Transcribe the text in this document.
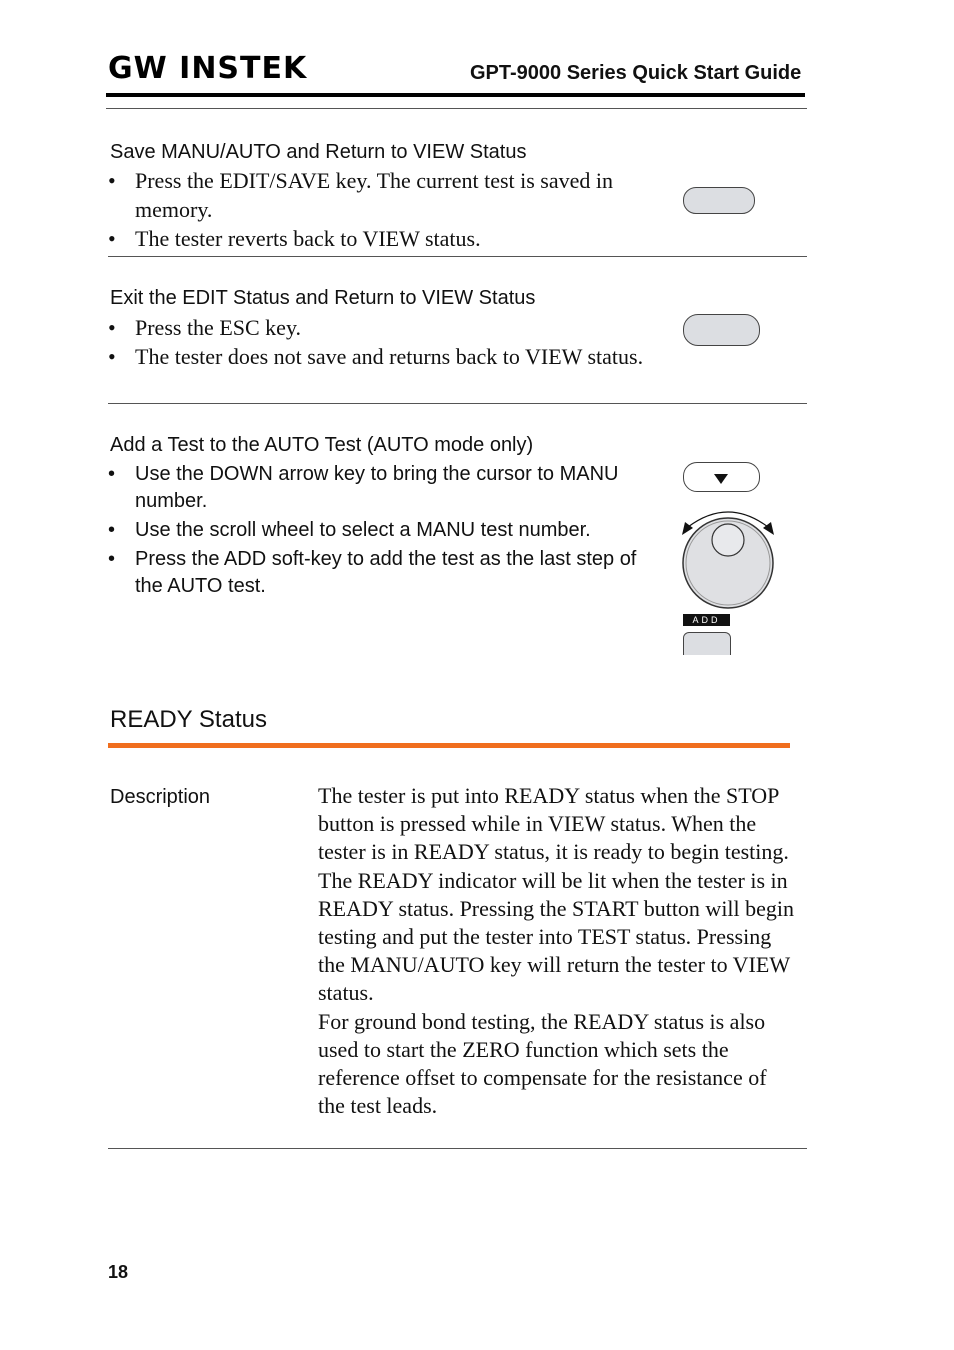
GW INSTEK	GPT-9000 Series Quick Start Guide
Save MANU/AUTO and Return to VIEW Status
• Press the EDIT/SAVE key. The current test is saved in memory.
• The tester reverts back to VIEW status.
Exit the EDIT Status and Return to VIEW Status
• Press the ESC key.
• The tester does not save and returns back to VIEW status.
Add a Test to the AUTO Test (AUTO mode only)
• Use the DOWN arrow key to bring the cursor to MANU number.
• Use the scroll wheel to select a MANU test number.
• Press the ADD soft-key to add the test as the last step of the AUTO test.
ADD
READY Status
Description	The tester is put into READY status when the STOP button is pressed while in VIEW status. When the tester is in READY status, it is ready to begin testing. The READY indicator will be lit when the tester is in READY status. Pressing the START button will begin testing and put the tester into TEST status. Pressing the MANU/AUTO key will return the tester to VIEW status.
For ground bond testing, the READY status is also used to start the ZERO function which sets the reference offset to compensate for the resistance of the test leads.
18
